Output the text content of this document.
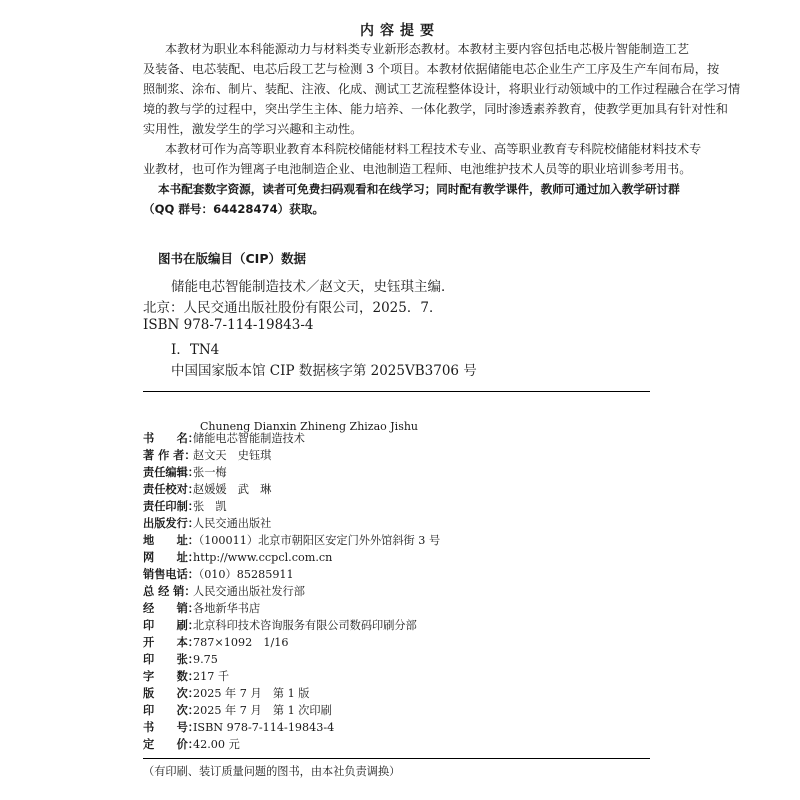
内容提要
本教材为职业本科能源动力与材料类专业新形态教材。本教材主要内容包括电芯极片智能制造工艺
及装备、电芯装配、电芯后段工艺与检测 3 个项目。本教材依据储能电芯企业生产工序及生产车间布局，按
照制浆、涂布、制片、装配、注液、化成、测试工艺流程整体设计，将职业行动领域中的工作过程融合在学习情
境的教与学的过程中，突出学生主体、能力培养、一体化教学，同时渗透素养教育，使教学更加具有针对性和
实用性，激发学生的学习兴趣和主动性。
本教材可作为高等职业教育本科院校储能材料工程技术专业、高等职业教育专科院校储能材料技术专
业教材，也可作为锂离子电池制造企业、电池制造工程师、电池维护技术人员等的职业培训参考用书。
本书配套数字资源，读者可免费扫码观看和在线学习；同时配有教学课件，教师可通过加入教学研讨群
（QQ 群号：64428474）获取。
图书在版编目（CIP）数据
储能电芯智能制造技术／赵文天，史钰琪主编．
北京：人民交通出版社股份有限公司，2025．7．
ISBN 978-7-114-19843-4
Ⅰ．TN4
中国国家版本馆 CIP 数据核字第 2025VB3706 号
Chuneng Dianxin Zhineng Zhizao Jishu
书　　名：
储能电芯智能制造技术
著 作 者：
赵文天　史钰琪
责任编辑：
张一梅
责任校对：
赵媛媛　武　琳
责任印制：
张　凯
出版发行：
人民交通出版社
地　　址：
（100011）北京市朝阳区安定门外外馆斜街 3 号
网　　址：
http://www.ccpcl.com.cn
销售电话：
（010）85285911
总 经 销：
人民交通出版社发行部
经　　销：
各地新华书店
印　　刷：
北京科印技术咨询服务有限公司数码印刷分部
开　　本：
787×1092　1/16
印　　张：
9.75
字　　数：
217 千
版　　次：
2025 年 7 月　第 1 版
印　　次：
2025 年 7 月　第 1 次印刷
书　　号：
ISBN 978-7-114-19843-4
定　　价：
42.00 元
（有印刷、装订质量问题的图书，由本社负责调换）
